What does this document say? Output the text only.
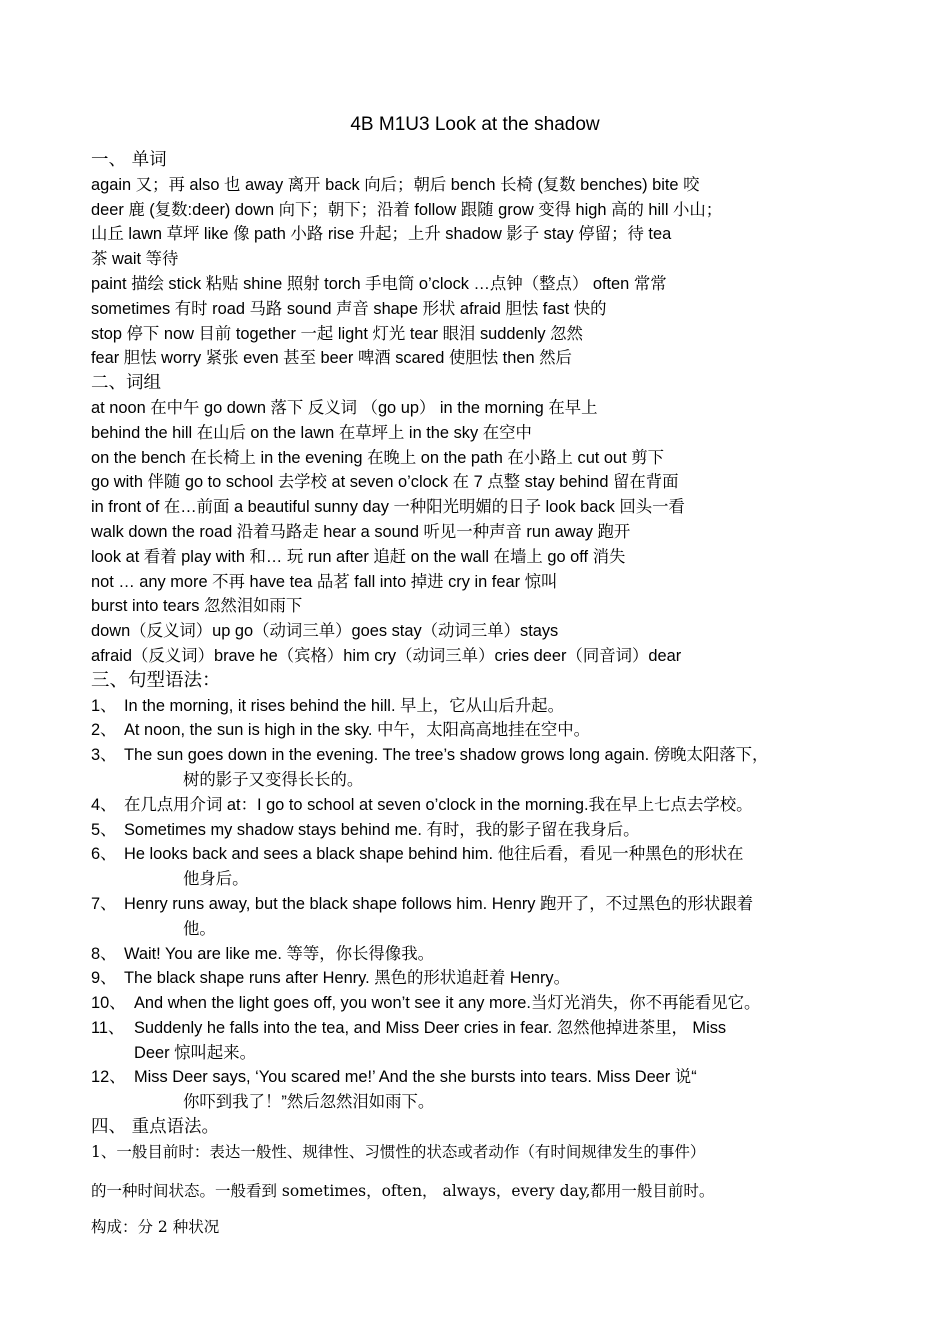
4B M1U3 Look at the shadow
一、 单词
again 又；再 also 也 away 离开 back 向后；朝后 bench 长椅 (复数 benches) bite 咬
deer 鹿 (复数:deer) down 向下；朝下；沿着 follow 跟随 grow 变得 high 高的 hill 小山；
山丘 lawn 草坪 like 像 path 小路 rise 升起；上升 shadow 影子 stay 停留；待 tea
茶 wait 等待
paint 描绘 stick 粘贴 shine 照射 torch 手电筒 o’clock …点钟（整点） often 常常
sometimes 有时 road 马路 sound 声音 shape 形状 afraid 胆怯 fast 快的
stop 停下 now 目前 together 一起 light 灯光 tear 眼泪 suddenly 忽然
fear 胆怯 worry 紧张 even 甚至 beer 啤酒 scared 使胆怯 then 然后
二、词组
at noon 在中午 go down 落下 反义词 （go up） in the morning 在早上
behind the hill 在山后 on the lawn 在草坪上 in the sky 在空中
on the bench 在长椅上 in the evening 在晚上 on the path 在小路上 cut out 剪下
go with 伴随 go to school 去学校 at seven o’clock 在 7 点整 stay behind 留在背面
in front of 在…前面 a beautiful sunny day 一种阳光明媚的日子 look back 回头一看
walk down the road 沿着马路走 hear a sound 听见一种声音 run away 跑开
look at 看着 play with 和… 玩 run after 追赶 on the wall 在墙上 go off 消失
not … any more 不再 have tea 品茗 fall into 掉进 cry in fear 惊叫
burst into tears 忽然泪如雨下
down（反义词）up go（动词三单）goes stay（动词三单）stays
afraid（反义词）brave he（宾格）him cry（动词三单）cries deer（同音词）dear
三、句型语法：
1、 In the morning, it rises behind the hill. 早上，它从山后升起。
2、 At noon, the sun is high in the sky. 中午，太阳高高地挂在空中。
3、 The sun goes down in the evening. The tree’s shadow grows long again. 傍晚太阳落下，
树的影子又变得长长的。
4、 在几点用介词 at：I go to school at seven o’clock in the morning.我在早上七点去学校。
5、 Sometimes my shadow stays behind me. 有时，我的影子留在我身后。
6、 He looks back and sees a black shape behind him. 他往后看，看见一种黑色的形状在
他身后。
7、 Henry runs away, but the black shape follows him. Henry 跑开了，不过黑色的形状跟着
他。
8、 Wait! You are like me. 等等，你长得像我。
9、 The black shape runs after Henry. 黑色的形状追赶着 Henry。
10、 And when the light goes off, you won’t see it any more.当灯光消失，你不再能看见它。
11、 Suddenly he falls into the tea, and Miss Deer cries in fear. 忽然他掉进茶里， Miss
Deer 惊叫起来。
12、 Miss Deer says, ‘You scared me!’ And the she bursts into tears. Miss Deer 说“
你吓到我了！”然后忽然泪如雨下。
四、 重点语法。
1、一般目前时：表达一般性、规律性、习惯性的状态或者动作（有时间规律发生的事件）
的一种时间状态。一般看到 sometimes，often， always，every day,都用一般目前时。
构成：分 2 种状况
